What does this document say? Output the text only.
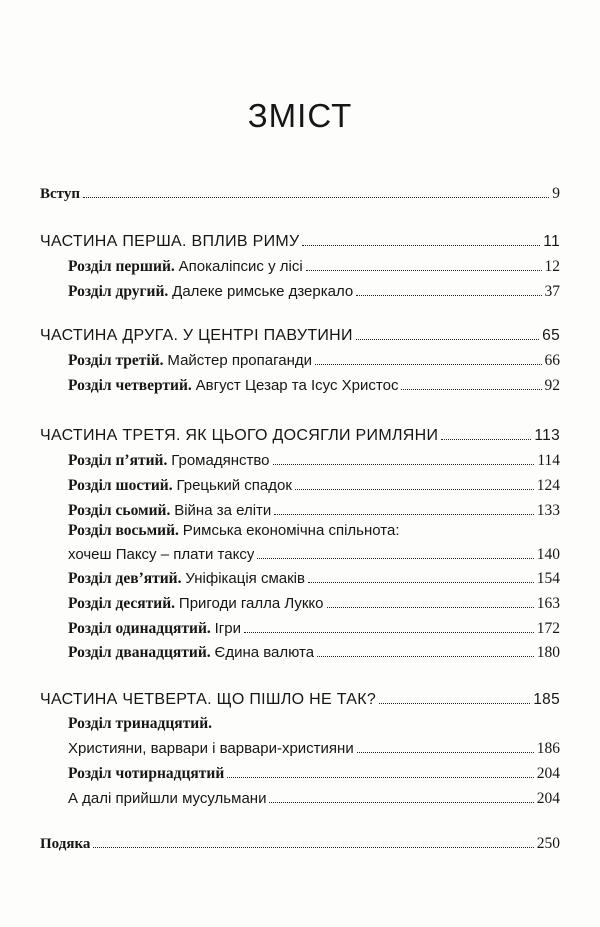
ЗМІСТ
Вступ	9
ЧАСТИНА ПЕРША. ВПЛИВ РИМУ	11
Розділ перший. Апокаліпсис у лісі	12
Розділ другий. Далеке римське дзеркало	37
ЧАСТИНА ДРУГА. У ЦЕНТРІ ПАВУТИНИ	65
Розділ третій. Майстер пропаганди	66
Розділ четвертий. Август Цезар та Ісус Христос	92
ЧАСТИНА ТРЕТЯ. ЯК ЦЬОГО ДОСЯГЛИ РИМЛЯНИ	113
Розділ п’ятий. Громадянство	114
Розділ шостий. Грецький спадок	124
Розділ сьомий. Війна за еліти	133
Розділ восьмий. Римська економічна спільнота:
хочеш Паксу – плати таксу	140
Розділ дев’ятий. Уніфікація смаків	154
Розділ десятий. Пригоди галла Лукко	163
Розділ одинадцятий. Ігри	172
Розділ дванадцятий. Єдина валюта	180
ЧАСТИНА ЧЕТВЕРТА. ЩО ПІШЛО НЕ ТАК?	185
Розділ тринадцятий.
Християни, варвари і варвари-християни	186
Розділ чотирнадцятий	204
А далі прийшли мусульмани	204
Подяка	250
